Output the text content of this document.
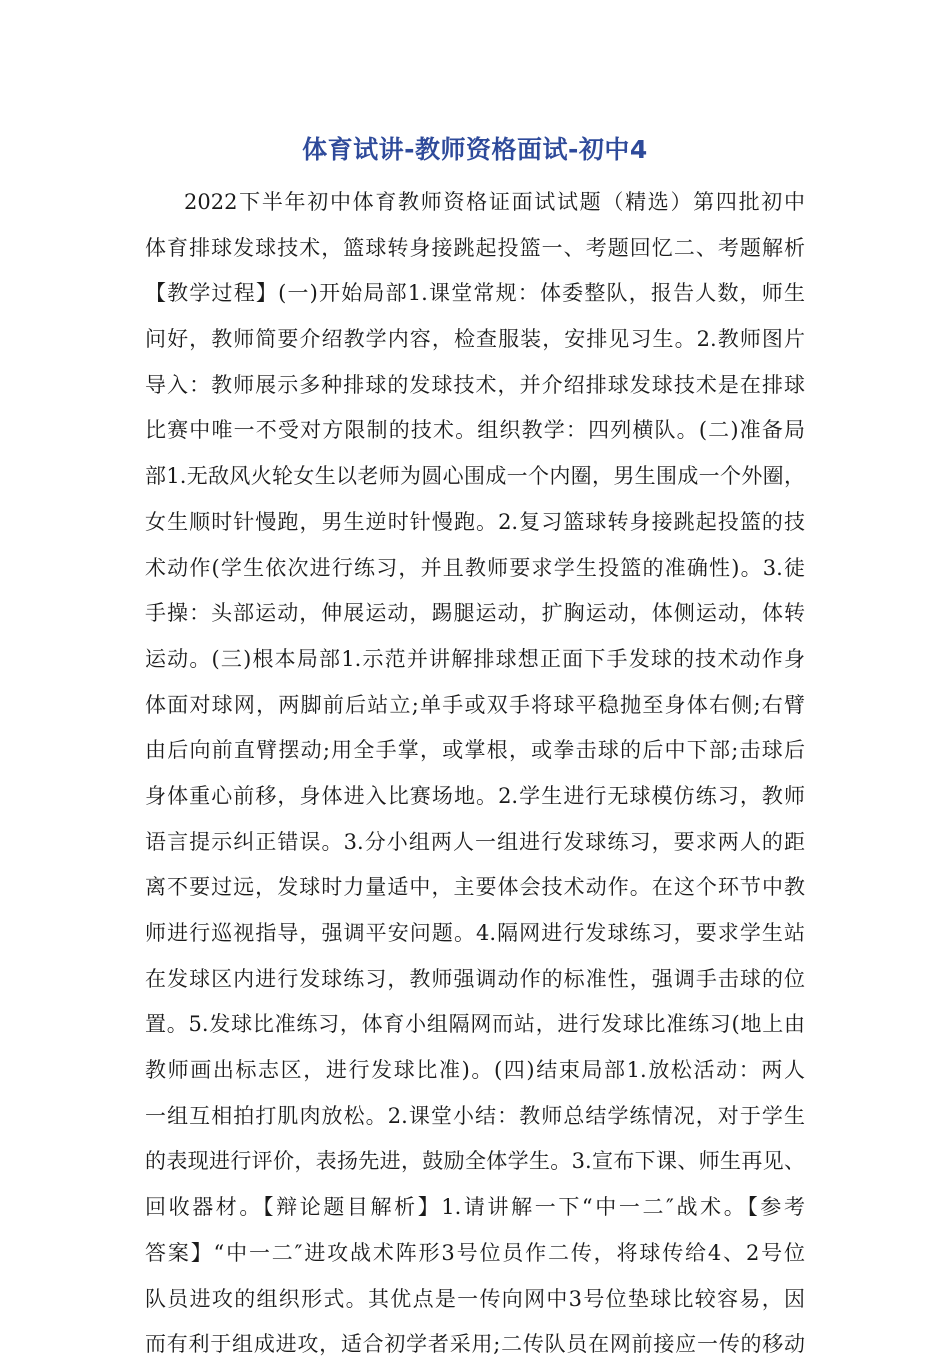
体育试讲-教师资格面试-初中4
2022下半年初中体育教师资格证面试试题（精选）第四批初中
体育排球发球技术，篮球转身接跳起投篮一、考题回忆二、考题解析
【教学过程】(一)开始局部1.课堂常规：体委整队，报告人数，师生
问好，教师简要介绍教学内容，检查服装，安排见习生。2.教师图片
导入：教师展示多种排球的发球技术，并介绍排球发球技术是在排球
比赛中唯一不受对方限制的技术。组织教学：四列横队。(二)准备局
部1.无敌风火轮女生以老师为圆心围成一个内圈，男生围成一个外圈，
女生顺时针慢跑，男生逆时针慢跑。2.复习篮球转身接跳起投篮的技
术动作(学生依次进行练习，并且教师要求学生投篮的准确性)。3.徒
手操：头部运动，伸展运动，踢腿运动，扩胸运动，体侧运动，体转
运动。(三)根本局部1.示范并讲解排球想正面下手发球的技术动作身
体面对球网，两脚前后站立;单手或双手将球平稳抛至身体右侧;右臂
由后向前直臂摆动;用全手掌，或掌根，或拳击球的后中下部;击球后
身体重心前移，身体进入比赛场地。2.学生进行无球模仿练习，教师
语言提示纠正错误。3.分小组两人一组进行发球练习，要求两人的距
离不要过远，发球时力量适中，主要体会技术动作。在这个环节中教
师进行巡视指导，强调平安问题。4.隔网进行发球练习，要求学生站
在发球区内进行发球练习，教师强调动作的标准性，强调手击球的位
置。5.发球比准练习，体育小组隔网而站，进行发球比准练习(地上由
教师画出标志区，进行发球比准)。(四)结束局部1.放松活动：两人
一组互相拍打肌肉放松。2.课堂小结：教师总结学练情况，对于学生
的表现进行评价，表扬先进，鼓励全体学生。3.宣布下课、师生再见、
回收器材。【辩论题目解析】1.请讲解一下“中一二″战术。【参考
答案】“中一二″进攻战术阵形3号位员作二传，将球传给4、2号位
队员进攻的组织形式。其优点是一传向网中3号位垫球比较容易，因
而有利于组成进攻，适合初学者采用;二传队员在网前接应一传的移动
